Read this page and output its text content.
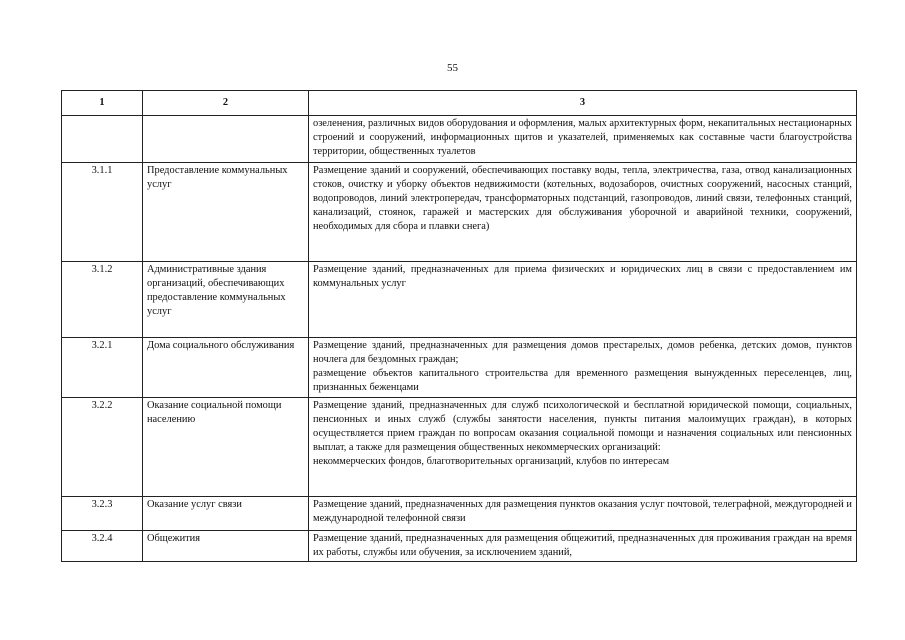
55
1	2	3

		озеленения, различных видов оборудования и оформления, малых архитектурных форм, некапитальных нестационарных строений и сооружений, информационных щитов и указателей, применяемых как составные части благоустройства территории, общественных туалетов

3.1.1	Предоставление коммунальных услуг	Размещение зданий и сооружений, обеспечивающих поставку воды, тепла, электричества, газа, отвод канализационных стоков, очистку и уборку объектов недвижимости (котельных, водозаборов, очистных сооружений, насосных станций, водопроводов, линий электропередач, трансформаторных подстанций, газопроводов, линий связи, телефонных станций, канализаций, стоянок, гаражей и мастерских для обслуживания уборочной и аварийной техники, сооружений, необходимых для сбора и плавки снега)

3.1.2	Административные здания организаций, обеспечивающих предоставление коммунальных услуг	Размещение зданий, предназначенных для приема физических и юридических лиц в связи с предоставлением им коммунальных услуг

3.2.1	Дома социального обслуживания	Размещение зданий, предназначенных для размещения домов престарелых, домов ребенка, детских домов, пунктов ночлега для бездомных граждан;

размещение объектов капитального строительства для временного размещения вынужденных переселенцев, лиц, признанных беженцами

3.2.2	Оказание социальной помощи населению	Размещение зданий, предназначенных для служб психологической и бесплатной юридической помощи, социальных, пенсионных и иных служб (службы занятости населения, пункты питания малоимущих граждан), в которых осуществляется прием граждан по вопросам оказания социальной помощи и назначения социальных или пенсионных выплат, а также для размещения общественных некоммерческих организаций:

некоммерческих фондов, благотворительных организаций, клубов по интересам

3.2.3	Оказание услуг связи	Размещение зданий, предназначенных для размещения пунктов оказания услуг почтовой, телеграфной, междугородней и международной телефонной связи

3.2.4	Общежития	Размещение зданий, предназначенных для размещения общежитий, предназначенных для проживания граждан на время их работы, службы или обучения, за исключением зданий,
